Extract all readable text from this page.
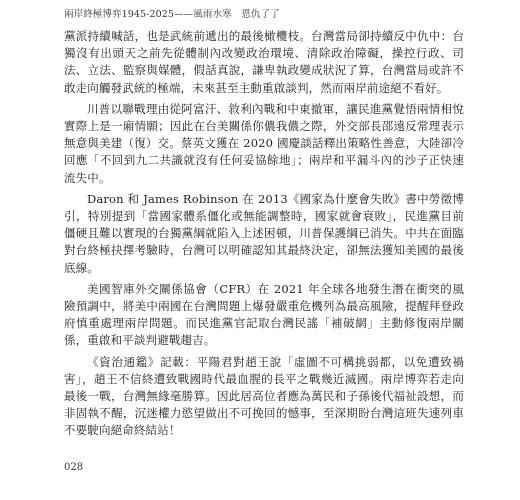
兩岸終極博弈1945-2025——風雨水寒　恩仇了了

黨派持續喊話，也是武統前遞出的最後橄欖枝。台灣當局卻持續反中仇中：台獨沒有出頭天之前先從體制內改變政治環境、清除政治障礙，操控行政、司法、立法、監察與媒體，假話真說，謙卑執政變成狀況了算，台灣當局或許不敢走向觸發武統的極端，未來甚至主動重啟談判，然而兩岸前途絕不看好。

川普以聯戰理由從阿富汗、敘利內戰和中東撤軍，讓民進黨覺悟兩情相悅實際上是一廂情願；因此在台美關係你儂我儂之際，外交部長邵遠反常理表示無意與美建（復）交。蔡英文獲在 2020 國慶談話釋出策略性善意，大陸卻冷回應「不回到九二共識就沒有任何妥協餘地」；兩岸和平漏斗內的沙子正快速流失中。

Daron 和 James Robinson 在 2013《國家為什麼會失敗》書中勞徵博引，特別提到「當國家體系僵化或無能調整時，國家就會衰敗」，民進黨目前僵硬且難以實現的台獨黨綱就陷入上述困頓，川普保護綱已消失。中共在面臨對台終極抉擇考驗時，台灣可以明確認知其最終決定，卻無法獲知美國的最後底線。

美國智庫外交關係協會（CFR）在 2021 年全球各地發生潛在衝突的風險預調中，將美中兩國在台灣問題上爆發嚴重危機列為最高風險，提醒拜登政府慎重處理兩岸問題。而民進黨官記取台灣民謠「補破網」主動修復兩岸關係，重啟和平談判避戰趨吉。

《資治通鑑》記載：平陽君對趙王說「虛圖不可構挑弱都，以免遭致禍害」，趙王不信終遭致戰國時代最血腥的長平之戰幾近滅國。兩岸博弈若走向最後一戰，台灣無緣毫勝算。因此居高位者應為萬民和子孫後代福祉設想，而非固執不醒，沉迷權力慾望做出不可挽回的憾事，至深期盼台灣這班失速列車不要駛向絕命終結站！

028
